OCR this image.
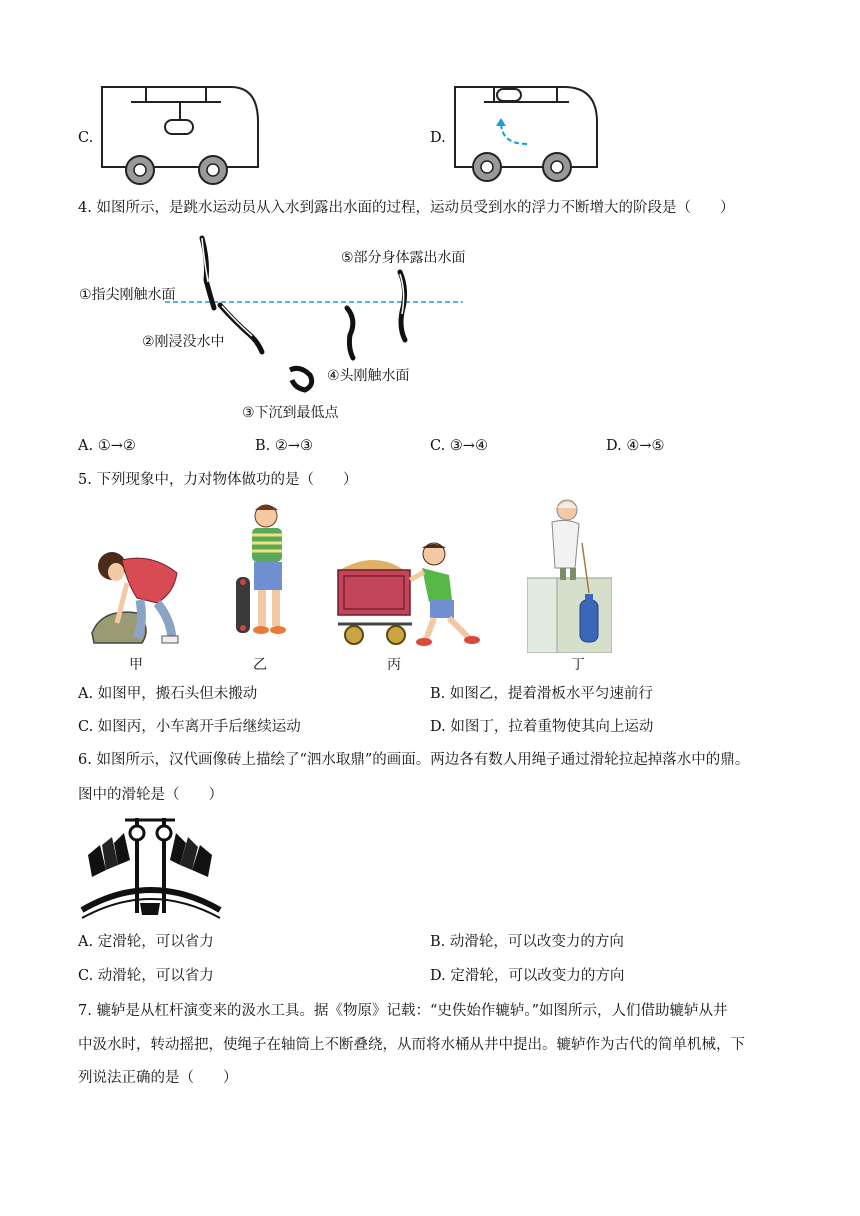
C.	D.
4. 如图所示，是跳水运动员从入水到露出水面的过程，运动员受到水的浮力不断增大的阶段是（　　）
①指尖刚触水面
②刚浸没水中
③下沉到最低点
④头刚触水面
⑤部分身体露出水面
A. ①→②	B. ②→③	C. ③→④	D. ④→⑤
5. 下列现象中，力对物体做功的是（　　）
甲	乙	丙	丁
A. 如图甲，搬石头但未搬动	B. 如图乙，提着滑板水平匀速前行
C. 如图丙，小车离开手后继续运动	D. 如图丁，拉着重物使其向上运动
6. 如图所示，汉代画像砖上描绘了“泗水取鼎”的画面。两边各有数人用绳子通过滑轮拉起掉落水中的鼎。
图中的滑轮是（　　）
A. 定滑轮，可以省力	B. 动滑轮，可以改变力的方向
C. 动滑轮，可以省力	D. 定滑轮，可以改变力的方向
7. 辘轳是从杠杆演变来的汲水工具。据《物原》记载：“史佚始作辘轳。”如图所示，人们借助辘轳从井
中汲水时，转动摇把，使绳子在轴筒上不断叠绕，从而将水桶从井中提出。辘轳作为古代的简单机械，下
列说法正确的是（　　）
